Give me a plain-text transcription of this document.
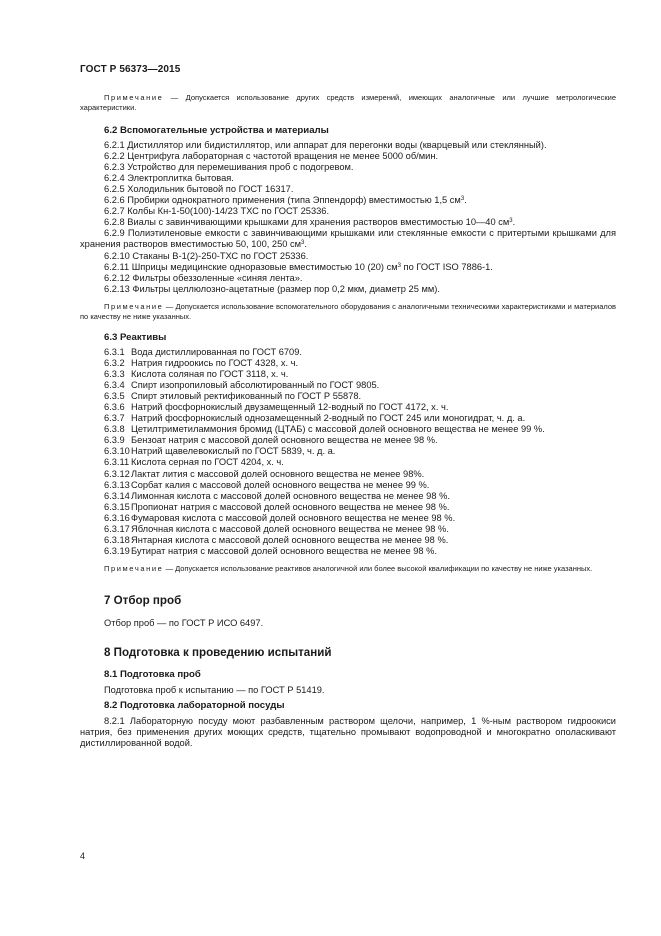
ГОСТ Р 56373—2015

Примечание — Допускается использование других средств измерений, имеющих аналогичные или лучшие метрологические характеристики.

6.2 Вспомогательные устройства и материалы

6.2.1 Дистиллятор или бидистиллятор, или аппарат для перегонки воды (кварцевый или стеклянный).

6.2.2 Центрифуга лабораторная с частотой вращения не менее 5000 об/мин.

6.2.3 Устройство для перемешивания проб с подогревом.

6.2.4 Электроплитка бытовая.

6.2.5 Холодильник бытовой по ГОСТ 16317.

6.2.6 Пробирки однократного применения (типа Эппендорф) вместимостью 1,5 $см^3$.

6.2.7 Колбы Кн-1-50(100)-14/23 ТХС по ГОСТ 25336.

6.2.8 Виалы с завинчивающими крышками для хранения растворов вместимостью 10—40 $см^3$.

6.2.9 Полиэтиленовые емкости с завинчивающими крышками или стеклянные емкости с притертыми крышками для хранения растворов вместимостью 50, 100, 250 $см^3$.

6.2.10 Стаканы В-1(2)-250-ТХС по ГОСТ 25336.

6.2.11 Шприцы медицинские одноразовые вместимостью 10 (20) $см^3$ по ГОСТ ISO 7886-1.

6.2.12 Фильтры обеззоленные «синяя лента».

6.2.13 Фильтры целлюлозно-ацетатные (размер пор 0,2 мкм, диаметр 25 мм).

Примечание — Допускается использование вспомогательного оборудования с аналогичными техническими характеристиками и материалов по качеству не ниже указанных.

6.3 Реактивы

6.3.1 Вода дистиллированная по ГОСТ 6709.

6.3.2 Натрия гидроокись по ГОСТ 4328, х. ч.

6.3.3 Кислота соляная по ГОСТ 3118, х. ч.

6.3.4 Спирт изопропиловый абсолютированный по ГОСТ 9805.

6.3.5 Спирт этиловый ректификованный по ГОСТ Р 55878.

6.3.6 Натрий фосфорнокислый двузамещенный 12-водный по ГОСТ 4172, х. ч.

6.3.7 Натрий фосфорнокислый однозамещенный 2-водный по ГОСТ 245 или моногидрат, ч. д. а.

6.3.8 Цетилтриметиламмония бромид (ЦТАБ) с массовой долей основного вещества не менее 99 %.

6.3.9 Бензоат натрия с массовой долей основного вещества не менее 98 %.

6.3.10Натрий щавелевокислый по ГОСТ 5839, ч. д. а.

6.3.11 Кислота серная по ГОСТ 4204, х. ч.

6.3.12Лактат лития с массовой долей основного вещества не менее 98%.

6.3.13Сорбат калия с массовой долей основного вещества не менее 99 %.

6.3.14Лимонная кислота с массовой долей основного вещества не менее 98 %.

6.3.15Пропионат натрия с массовой долей основного вещества не менее 98 %.

6.3.16Фумаровая кислота с массовой долей основного вещества не менее 98 %.

6.3.17Яблочная кислота с массовой долей основного вещества не менее 98 %.

6.3.18Янтарная кислота с массовой долей основного вещества не менее 98 %.

6.3.19Бутират натрия с массовой долей основного вещества не менее 98 %.

Примечание — Допускается использование реактивов аналогичной или более высокой квалификации по качеству не ниже указанных.

7 Отбор проб

Отбор проб — по ГОСТ Р ИСО 6497.

8 Подготовка к проведению испытаний

8.1 Подготовка проб

Подготовка проб к испытанию — по ГОСТ Р 51419.

8.2 Подготовка лабораторной посуды

8.2.1 Лабораторную посуду моют разбавленным раствором щелочи, например, 1 %-ным раствором гидроокиси натрия, без применения других моющих средств, тщательно промывают водопроводной и многократно ополаскивают дистиллированной водой.

4
